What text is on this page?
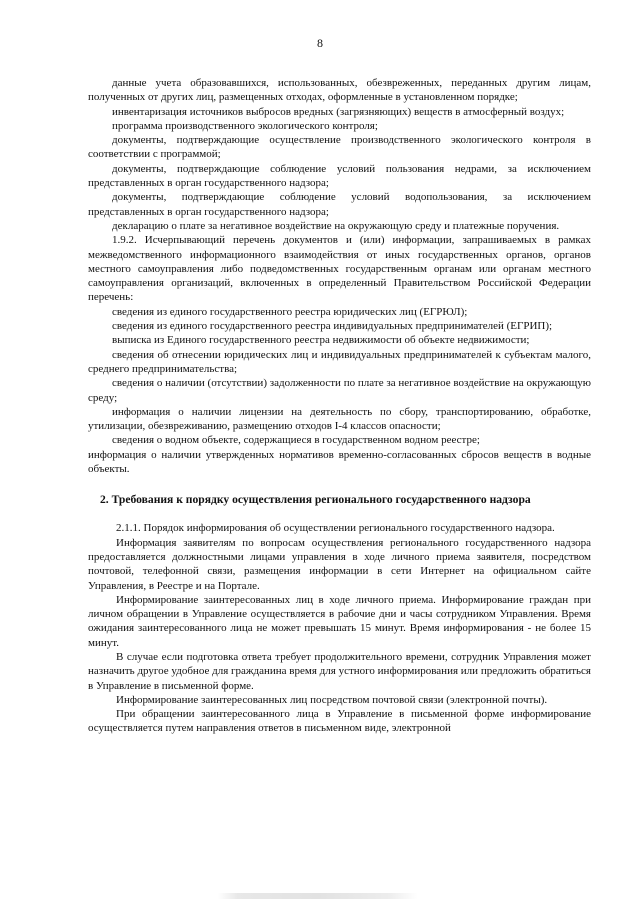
8

данные учета образовавшихся, использованных, обезвреженных, переданных другим лицам, полученных от других лиц, размещенных отходах, оформленные в установленном порядке;

инвентаризация источников выбросов вредных (загрязняющих) веществ в атмосферный воздух;

программа производственного экологического контроля;

документы, подтверждающие осуществление производственного экологического контроля в соответствии с программой;

документы, подтверждающие соблюдение условий пользования недрами, за исключением представленных в орган государственного надзора;

документы, подтверждающие соблюдение условий водопользования, за исключением представленных в орган государственного надзора;

декларацию о плате за негативное воздействие на окружающую среду и платежные поручения.

1.9.2. Исчерпывающий перечень документов и (или) информации, запрашиваемых в рамках межведомственного информационного взаимодействия от иных государственных органов, органов местного самоуправления либо подведомственных государственным органам или органам местного самоуправления организаций, включенных в определенный Правительством Российской Федерации перечень:

сведения из единого государственного реестра юридических лиц (ЕГРЮЛ);

сведения из единого государственного реестра индивидуальных предпринимателей (ЕГРИП);

выписка из Единого государственного реестра недвижимости об объекте недвижимости;

сведения об отнесении юридических лиц и индивидуальных предпринимателей к субъектам малого, среднего предпринимательства;

сведения о наличии (отсутствии) задолженности по плате за негативное воздействие на окружающую среду;

информация о наличии лицензии на деятельность по сбору, транспортированию, обработке, утилизации, обезвреживанию, размещению отходов I-4 классов опасности;

сведения о водном объекте, содержащиеся в государственном водном реестре;

информация о наличии утвержденных нормативов временно-согласованных сбросов веществ в водные объекты.

2. Требования к порядку осуществления регионального государственного надзора

2.1.1. Порядок информирования об осуществлении регионального государственного надзора.

Информация заявителям по вопросам осуществления регионального государственного надзора предоставляется должностными лицами управления в ходе личного приема заявителя, посредством почтовой, телефонной связи, размещения информации в сети Интернет на официальном сайте Управления, в Реестре и на Портале.

Информирование заинтересованных лиц в ходе личного приема. Информирование граждан при личном обращении в Управление осуществляется в рабочие дни и часы сотрудником Управления. Время ожидания заинтересованного лица не может превышать 15 минут. Время информирования - не более 15 минут.

В случае если подготовка ответа требует продолжительного времени, сотрудник Управления может назначить другое удобное для гражданина время для устного информирования или предложить обратиться в Управление в письменной форме.

Информирование заинтересованных лиц посредством почтовой связи (электронной почты).

При обращении заинтересованного лица в Управление в письменной форме информирование осуществляется путем направления ответов в письменном виде, электронной
